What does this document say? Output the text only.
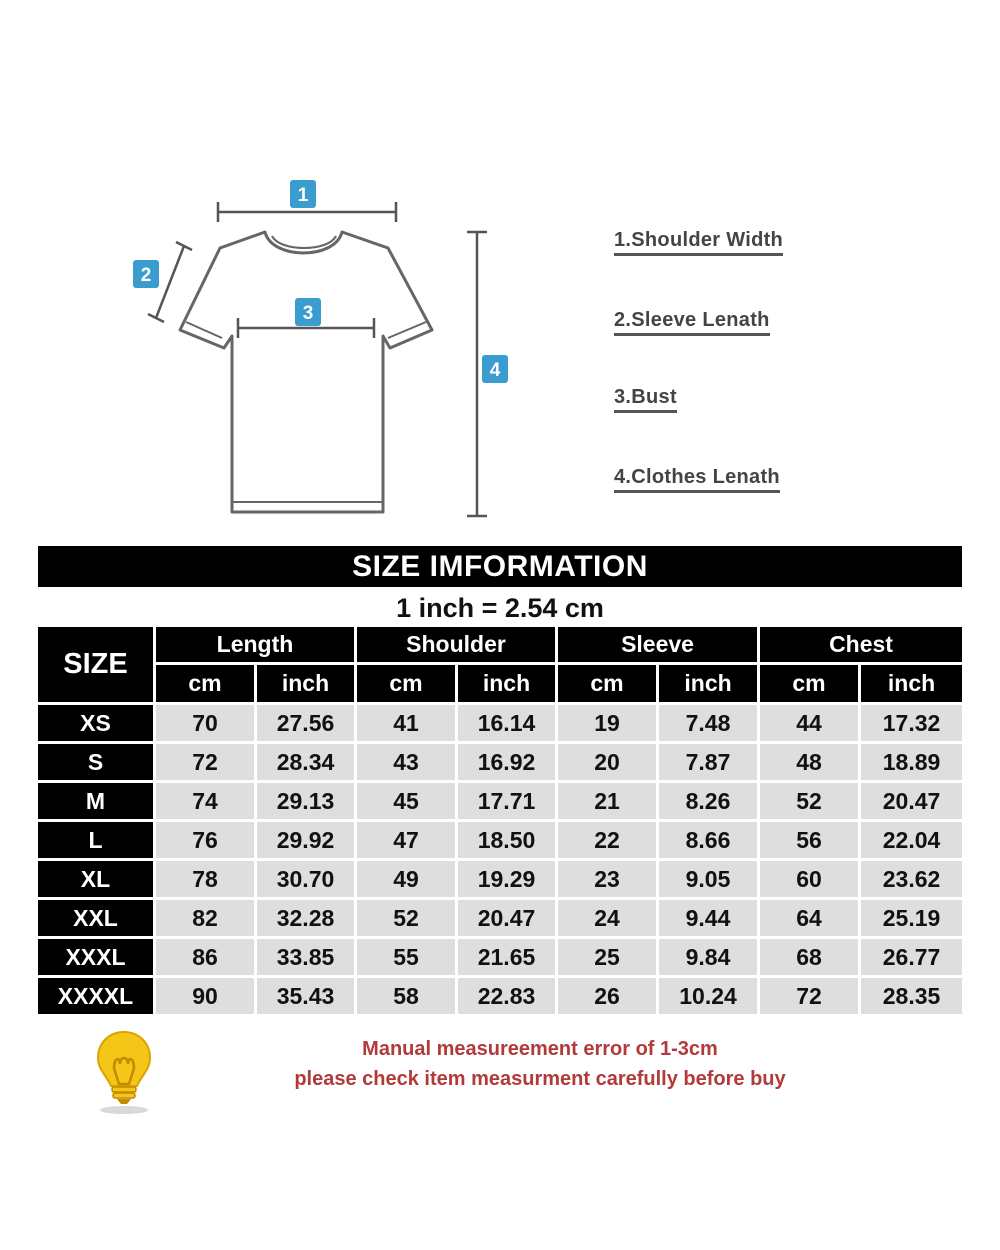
1
2
3
4
1.Shoulder Width
2.Sleeve Lenath
3.Bust
4.Clothes Lenath
SIZE IMFORMATION
1 inch = 2.54 cm
SIZE	Length		Shoulder		Sleeve		Chest	
	cm	inch	cm	inch	cm	inch	cm	inch
XS	70	27.56	41	16.14	19	7.48	44	17.32
S	72	28.34	43	16.92	20	7.87	48	18.89
M	74	29.13	45	17.71	21	8.26	52	20.47
L	76	29.92	47	18.50	22	8.66	56	22.04
XL	78	30.70	49	19.29	23	9.05	60	23.62
XXL	82	32.28	52	20.47	24	9.44	64	25.19
XXXL	86	33.85	55	21.65	25	9.84	68	26.77
XXXXL	90	35.43	58	22.83	26	10.24	72	28.35
Manual measureement error of 1-3cm
please check item measurment carefully before buy
